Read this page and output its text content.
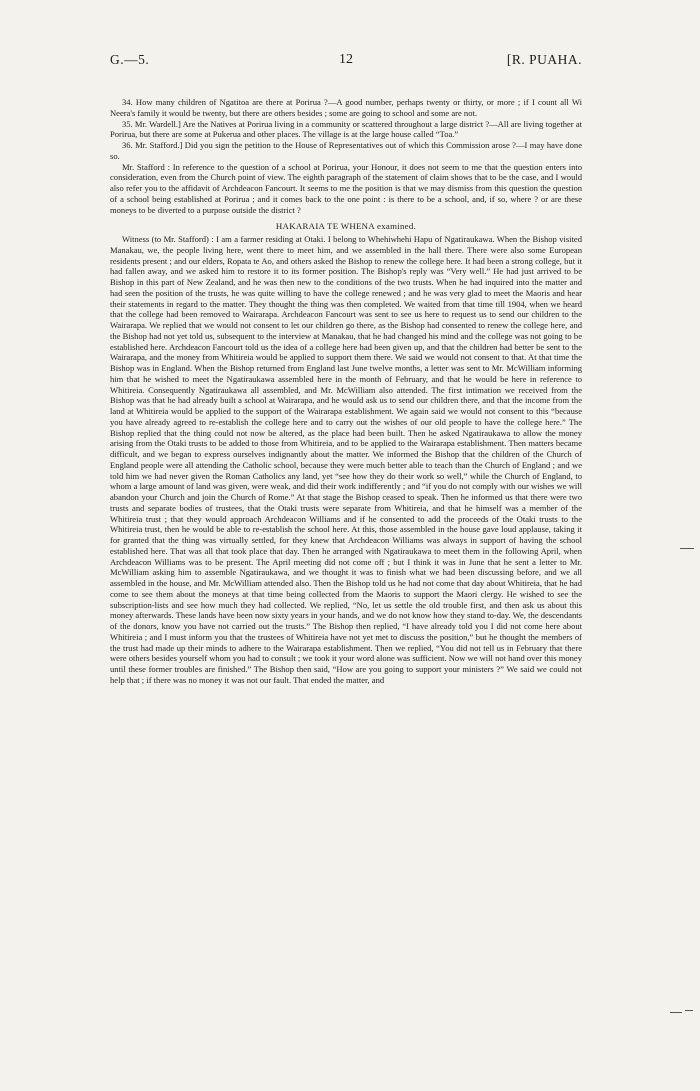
G.—5.	12	[R. PUAHA.

34. How many children of Ngatitoa are there at Porirua ?—A good number, perhaps twenty or thirty, or more ; if I count all Wi Neera's family it would be twenty, but there are others besides ; some are going to school and some are not.

35. Mr. Wardell.] Are the Natives at Porirua living in a community or scattered throughout a large district ?—All are living together at Porirua, but there are some at Pukerua and other places. The village is at the large house called “Toa.”

36. Mr. Stafford.] Did you sign the petition to the House of Representatives out of which this Commission arose ?—I may have done so.

Mr. Stafford : In reference to the question of a school at Porirua, your Honour, it does not seem to me that the question enters into consideration, even from the Church point of view. The eighth paragraph of the statement of claim shows that to be the case, and I would also refer you to the affidavit of Archdeacon Fancourt. It seems to me the position is that we may dismiss from this question the question of a school being established at Porirua ; and it comes back to the one point : is there to be a school, and, if so, where ? or are these moneys to be diverted to a purpose outside the district ?

HAKARAIA TE WHENA examined.

Witness (to Mr. Stafford) : I am a farmer residing at Otaki. I belong to Whehiwhehi Hapu of Ngatiraukawa. When the Bishop visited Manakau, we, the people living here, went there to meet him, and we assembled in the hall there. There were also some European residents present ; and our elders, Ropata te Ao, and others asked the Bishop to renew the college here. It had been a strong college, but it had fallen away, and we asked him to restore it to its former position. The Bishop's reply was “Very well.” He had just arrived to be Bishop in this part of New Zealand, and he was then new to the conditions of the two trusts. When he had inquired into the matter and had seen the position of the trusts, he was quite willing to have the college renewed ; and he was very glad to meet the Maoris and hear their statements in regard to the matter. They thought the thing was then completed. We waited from that time till 1904, when we heard that the college had been removed to Wairarapa. Archdeacon Fancourt was sent to see us here to request us to send our children to the Wairarapa. We replied that we would not consent to let our children go there, as the Bishop had consented to renew the college here, and the Bishop had not yet told us, subsequent to the interview at Manakau, that he had changed his mind and the college was not going to be established here. Archdeacon Fancourt told us the idea of a college here had been given up, and that the children had better be sent to the Wairarapa, and the money from Whitireia would be applied to support them there. We said we would not consent to that. At that time the Bishop was in England. When the Bishop returned from England last June twelve months, a letter was sent to Mr. McWilliam informing him that he wished to meet the Ngatiraukawa assembled here in the month of February, and that he would be here in reference to Whitireia. Consequently Ngatiraukawa all assembled, and Mr. McWilliam also attended. The first intimation we received from the Bishop was that he had already built a school at Wairarapa, and he would ask us to send our children there, and that the income from the land at Whitireia would be applied to the support of the Wairarapa establishment. We again said we would not consent to this “because you have already agreed to re-establish the college here and to carry out the wishes of our old people to have the college here.” The Bishop replied that the thing could not now be altered, as the place had been built. Then he asked Ngatiraukawa to allow the money arising from the Otaki trusts to be added to those from Whitireia, and to be applied to the Wairarapa establishment. Then matters became difficult, and we began to express ourselves indignantly about the matter. We informed the Bishop that the children of the Church of England people were all attending the Catholic school, because they were much better able to teach than the Church of England ; and we told him we had never given the Roman Catholics any land, yet “see how they do their work so well,” while the Church of England, to whom a large amount of land was given, were weak, and did their work indifferently ; and “if you do not comply with our wishes we will abandon your Church and join the Church of Rome.” At that stage the Bishop ceased to speak. Then he informed us that there were two trusts and separate bodies of trustees, that the Otaki trusts were separate from Whitireia, and that he himself was a member of the Whitireia trust ; that they would approach Archdeacon Williams and if he consented to add the proceeds of the Otaki trusts to the Whitireia trust, then he would be able to re-establish the school here. At this, those assembled in the house gave loud applause, taking it for granted that the thing was virtually settled, for they knew that Archdeacon Williams was always in support of having the school established here. That was all that took place that day. Then he arranged with Ngatiraukawa to meet them in the following April, when Archdeacon Williams was to be present. The April meeting did not come off ; but I think it was in June that he sent a letter to Mr. McWilliam asking him to assemble Ngatiraukawa, and we thought it was to finish what we had been discussing before, and we all assembled in the house, and Mr. McWilliam attended also. Then the Bishop told us he had not come that day about Whitireia, that he had come to see them about the moneys at that time being collected from the Maoris to support the Maori clergy. He wished to see the subscription-lists and see how much they had collected. We replied, “No, let us settle the old trouble first, and then ask us about this money afterwards. These lands have been now sixty years in your hands, and we do not know how they stand to-day. We, the descendants of the donors, know you have not carried out the trusts.” The Bishop then replied, “I have already told you I did not come here about Whitireia ; and I must inform you that the trustees of Whitireia have not yet met to discuss the position,” but he thought the members of the trust had made up their minds to adhere to the Wairarapa establishment. Then we replied, “You did not tell us in February that there were others besides yourself whom you had to consult ; we took it your word alone was sufficient. Now we will not hand over this money until these former troubles are finished.” The Bishop then said, “How are you going to support your ministers ?” We said we could not help that ; if there was no money it was not our fault. That ended the matter, and
